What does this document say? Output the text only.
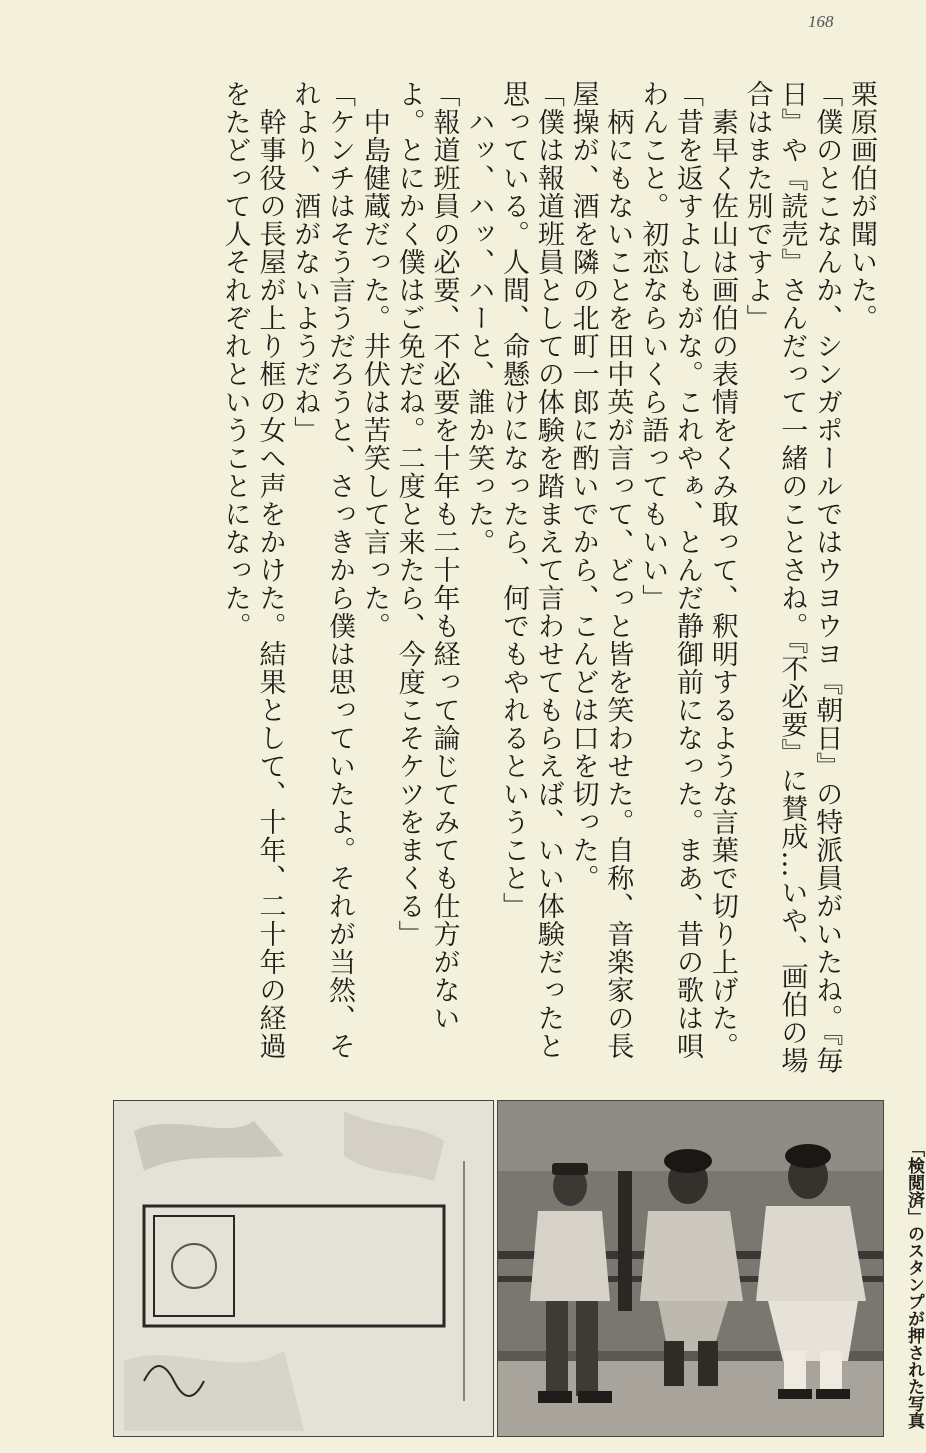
168

栗原画伯が聞いた。

「僕のとこなんか、シンガポールではウヨウヨ『朝日』の特派員がいたね。『毎日』や『読売』さんだって一緒のことさね。『不必要』に賛成…いや、画伯の場合はまた別ですよ」

　素早く佐山は画伯の表情をくみ取って、釈明するような言葉で切り上げた。

「昔を返すよしもがな。これやぁ、とんだ静御前になった。まあ、昔の歌は唄わんこと。初恋ならいくら語ってもいい」

　柄にもないことを田中英が言って、どっと皆を笑わせた。自称、音楽家の長屋操が、酒を隣の北町一郎に酌いでから、こんどは口を切った。

「僕は報道班員としての体験を踏まえて言わせてもらえば、いい体験だったと思っている。人間、命懸けになったら、何でもやれるということ」

　ハッ、ハッ、ハーと、誰か笑った。

「報道班員の必要、不必要を十年も二十年も経って論じてみても仕方がないよ。とにかく僕はご免だね。二度と来たら、今度こそケツをまくる」

　中島健蔵だった。井伏は苦笑して言った。

「ケンチはそう言うだろうと、さっきから僕は思っていたよ。それが当然、それより、酒がないようだね」

　幹事役の長屋が上り框の女へ声をかけた。結果として、十年、二十年の経過をたどって人それぞれということになった。

「検閲済」のスタンプが押された写真
